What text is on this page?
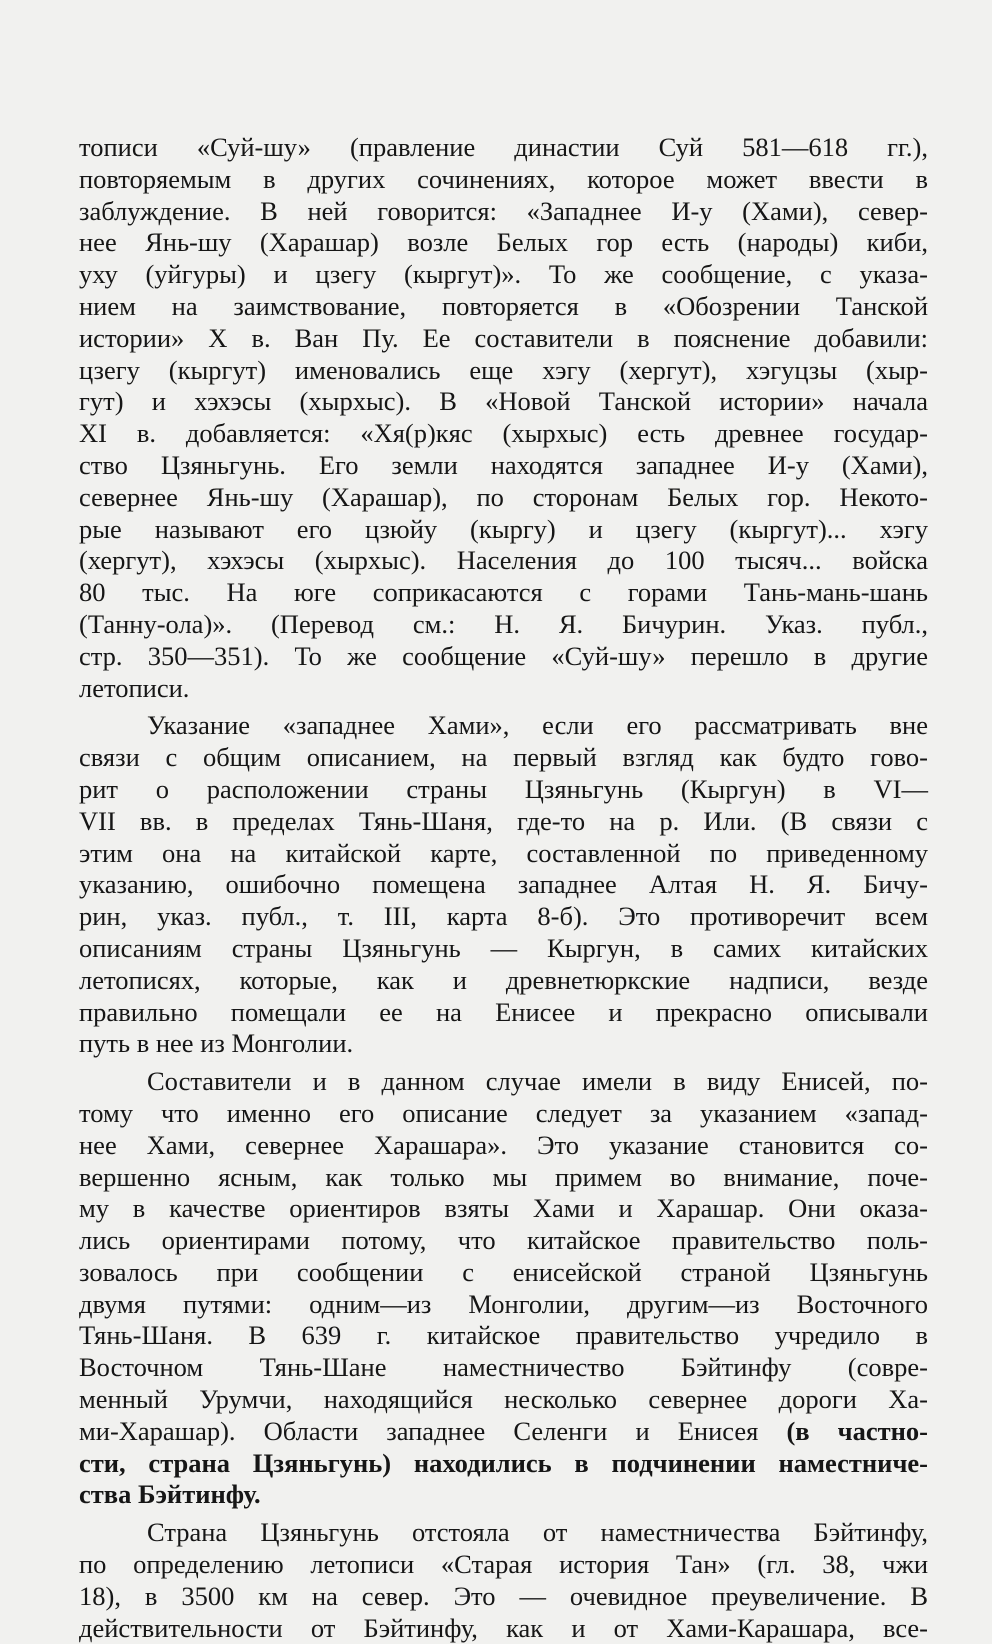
тописи «Суй-шу» (правление династии Суй 581—618 гг.),
повторяемым в других сочинениях, которое может ввести в
заблуждение. В ней говорится: «Западнее И-у (Хами), север-
нее Янь-шу (Харашар) возле Белых гор есть (народы) киби,
уху (уйгуры) и цзегу (кыргут)». То же сообщение, с указа-
нием на заимствование, повторяется в «Обозрении Танской
истории» X в. Ван Пу. Ее составители в пояснение добавили:
цзегу (кыргут) именовались еще хэгу (хергут), хэгуцзы (хыр-
гут) и хэхэсы (хырхыс). В «Новой Танской истории» начала
XI в. добавляется: «Хя(р)кяс (хырхыс) есть древнее государ-
ство Цзяньгунь. Его земли находятся западнее И-у (Хами),
севернее Янь-шу (Харашар), по сторонам Белых гор. Некото-
рые называют его цзюйу (кыргу) и цзегу (кыргут)... хэгу
(хергут), хэхэсы (хырхыс). Населения до 100 тысяч... войска
80 тыс. На юге соприкасаются с горами Тань-мань-шань
(Танну-ола)». (Перевод см.: Н. Я. Бичурин. Указ. публ.,
стр. 350—351). То же сообщение «Суй-шу» перешло в другие
летописи.

Указание «западнее Хами», если его рассматривать вне
связи с общим описанием, на первый взгляд как будто гово-
рит о расположении страны Цзяньгунь (Кыргун) в VI—
VII вв. в пределах Тянь-Шаня, где-то на р. Или. (В связи с
этим она на китайской карте, составленной по приведенному
указанию, ошибочно помещена западнее Алтая Н. Я. Бичу-
рин, указ. публ., т. III, карта 8-б). Это противоречит всем
описаниям страны Цзяньгунь — Кыргун, в самих китайских
летописях, которые, как и древнетюркские надписи, везде
правильно помещали ее на Енисее и прекрасно описывали
путь в нее из Монголии.

Составители и в данном случае имели в виду Енисей, по-
тому что именно его описание следует за указанием «запад-
нее Хами, севернее Харашара». Это указание становится со-
вершенно ясным, как только мы примем во внимание, поче-
му в качестве ориентиров взяты Хами и Харашар. Они оказа-
лись ориентирами потому, что китайское правительство поль-
зовалось при сообщении с енисейской страной Цзяньгунь
двумя путями: одним—из Монголии, другим—из Восточного
Тянь-Шаня. В 639 г. китайское правительство учредило в
Восточном Тянь-Шане наместничество Бэйтинфу (совре-
менный Урумчи, находящийся несколько севернее дороги Ха-
ми-Харашар). Области западнее Селенги и Енисея (в частно-
сти, страна Цзяньгунь) находились в подчинении наместниче-
ства Бэйтинфу.

Страна Цзяньгунь отстояла от наместничества Бэйтинфу,
по определению летописи «Старая история Тан» (гл. 38, чжи
18), в 3500 км на север. Это — очевидное преувеличение. В
действительности от Бэйтинфу, как и от Хами-Карашара, все-
